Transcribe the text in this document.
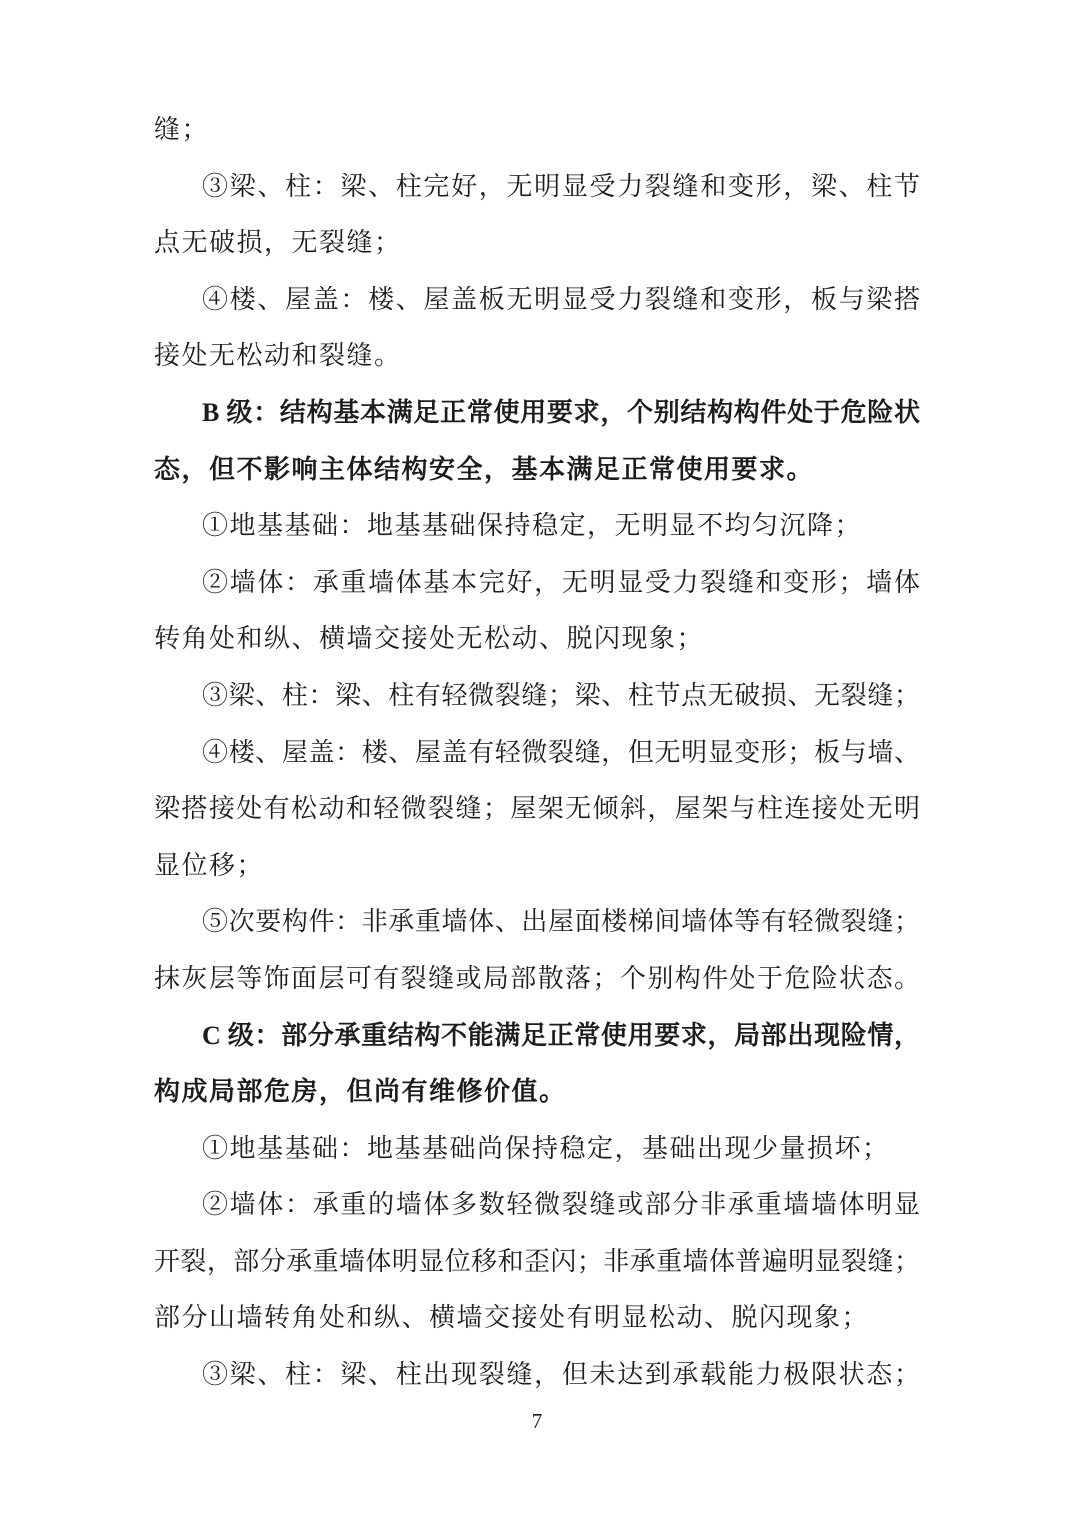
缝；
③梁、柱：梁、柱完好，无明显受力裂缝和变形，梁、柱节
点无破损，无裂缝；
④楼、屋盖：楼、屋盖板无明显受力裂缝和变形，板与梁搭
接处无松动和裂缝。
B 级：结构基本满足正常使用要求，个别结构构件处于危险状
态，但不影响主体结构安全，基本满足正常使用要求。
①地基基础：地基基础保持稳定，无明显不均匀沉降；
②墙体：承重墙体基本完好，无明显受力裂缝和变形；墙体
转角处和纵、横墙交接处无松动、脱闪现象；
③梁、柱：梁、柱有轻微裂缝；梁、柱节点无破损、无裂缝；
④楼、屋盖：楼、屋盖有轻微裂缝，但无明显变形；板与墙、
梁搭接处有松动和轻微裂缝；屋架无倾斜，屋架与柱连接处无明
显位移；
⑤次要构件：非承重墙体、出屋面楼梯间墙体等有轻微裂缝；
抹灰层等饰面层可有裂缝或局部散落；个别构件处于危险状态。
C 级：部分承重结构不能满足正常使用要求，局部出现险情，
构成局部危房，但尚有维修价值。
①地基基础：地基基础尚保持稳定，基础出现少量损坏；
②墙体：承重的墙体多数轻微裂缝或部分非承重墙墙体明显
开裂，部分承重墙体明显位移和歪闪；非承重墙体普遍明显裂缝；
部分山墙转角处和纵、横墙交接处有明显松动、脱闪现象；
③梁、柱：梁、柱出现裂缝，但未达到承载能力极限状态；
7
